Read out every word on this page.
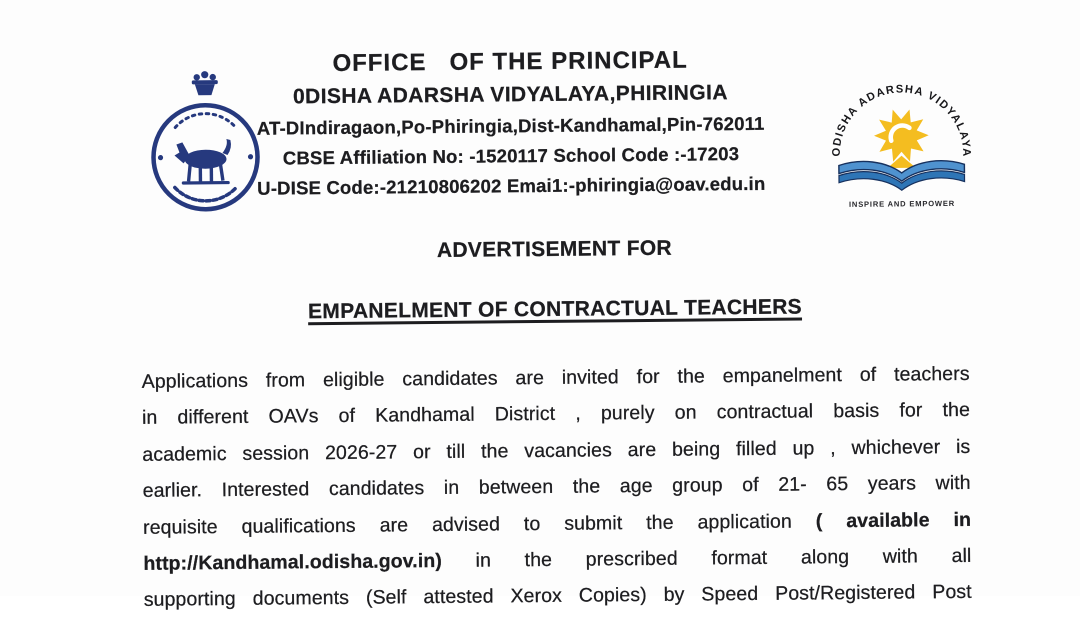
OFFICE   OF THE PRINCIPAL
0DISHA ADARSHA VIDYALAYA,PHIRINGIA
AT-DIndiragaon,Po-Phiringia,Dist-Kandhamal,Pin-762011
CBSE Affiliation No: -1520117 School Code :-17203
U-DISE Code:-21210806202 Emai1:-phiringia@oav.edu.in
ODISHA ADARSHA VIDYALAYA
INSPIRE AND EMPOWER
ADVERTISEMENT FOR
EMPANELMENT OF CONTRACTUAL TEACHERS
Applications from eligible candidates are invited for the empanelment of teachers
in different OAVs of Kandhamal District , purely on contractual basis for the
academic session 2026-27 or till the vacancies are being filled up , whichever is
earlier. Interested candidates in between the age group of 21- 65 years with
requisite qualifications are advised to submit the application ( available in
http://Kandhamal.odisha.gov.in) in the prescribed format along with all
supporting documents (Self attested Xerox Copies) by Speed Post/Registered Post
